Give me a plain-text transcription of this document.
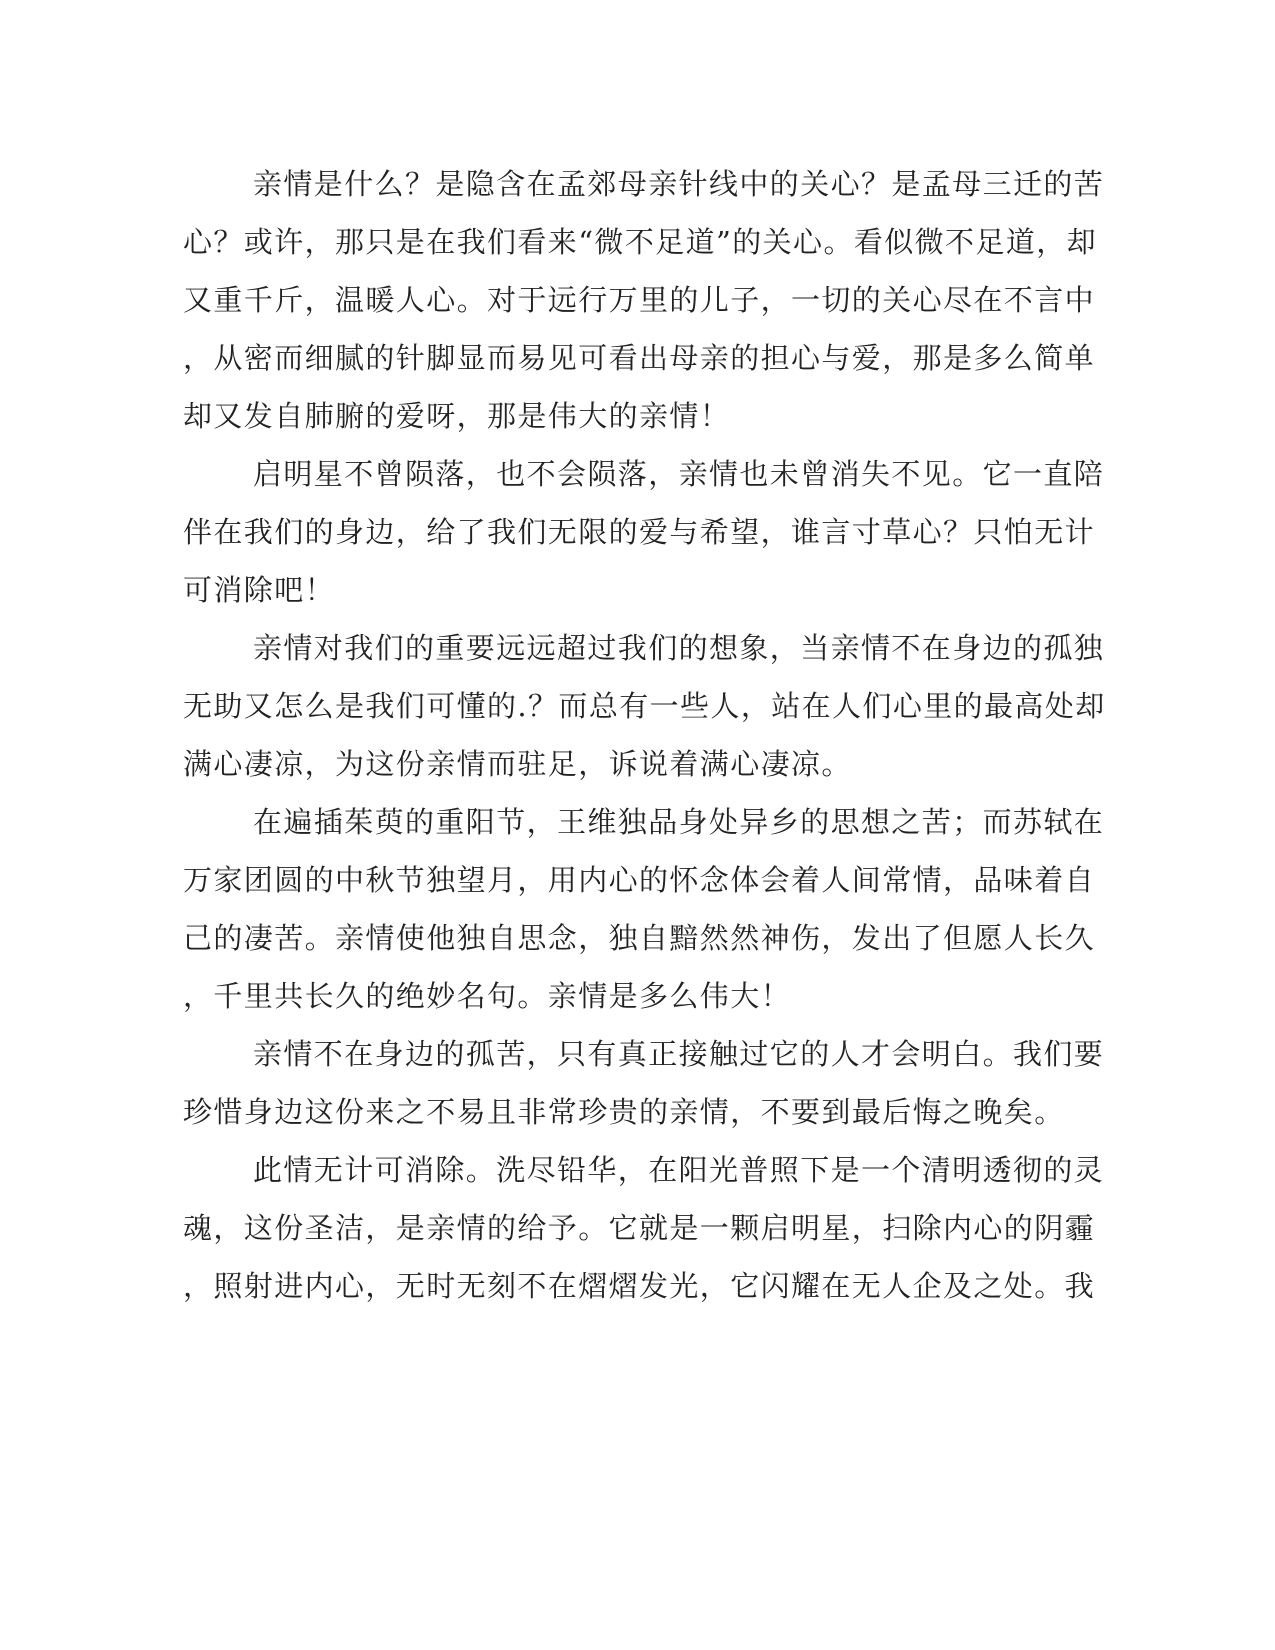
亲情是什么？是隐含在孟郊母亲针线中的关心？是孟母三迁的苦
心？或许，那只是在我们看来“微不足道”的关心。看似微不足道，却
又重千斤，温暖人心。对于远行万里的儿子，一切的关心尽在不言中
，从密而细腻的针脚显而易见可看出母亲的担心与爱，那是多么简单
却又发自肺腑的爱呀，那是伟大的亲情！
启明星不曾陨落，也不会陨落，亲情也未曾消失不见。它一直陪
伴在我们的身边，给了我们无限的爱与希望，谁言寸草心？只怕无计
可消除吧！
亲情对我们的重要远远超过我们的想象，当亲情不在身边的孤独
无助又怎么是我们可懂的.？而总有一些人，站在人们心里的最高处却
满心凄凉，为这份亲情而驻足，诉说着满心凄凉。
在遍插茱萸的重阳节，王维独品身处异乡的思想之苦；而苏轼在
万家团圆的中秋节独望月，用内心的怀念体会着人间常情，品味着自
己的凄苦。亲情使他独自思念，独自黯然然神伤，发出了但愿人长久
，千里共长久的绝妙名句。亲情是多么伟大！
亲情不在身边的孤苦，只有真正接触过它的人才会明白。我们要
珍惜身边这份来之不易且非常珍贵的亲情，不要到最后悔之晚矣。
此情无计可消除。洗尽铅华，在阳光普照下是一个清明透彻的灵
魂，这份圣洁，是亲情的给予。它就是一颗启明星，扫除内心的阴霾
，照射进内心，无时无刻不在熠熠发光，它闪耀在无人企及之处。我
